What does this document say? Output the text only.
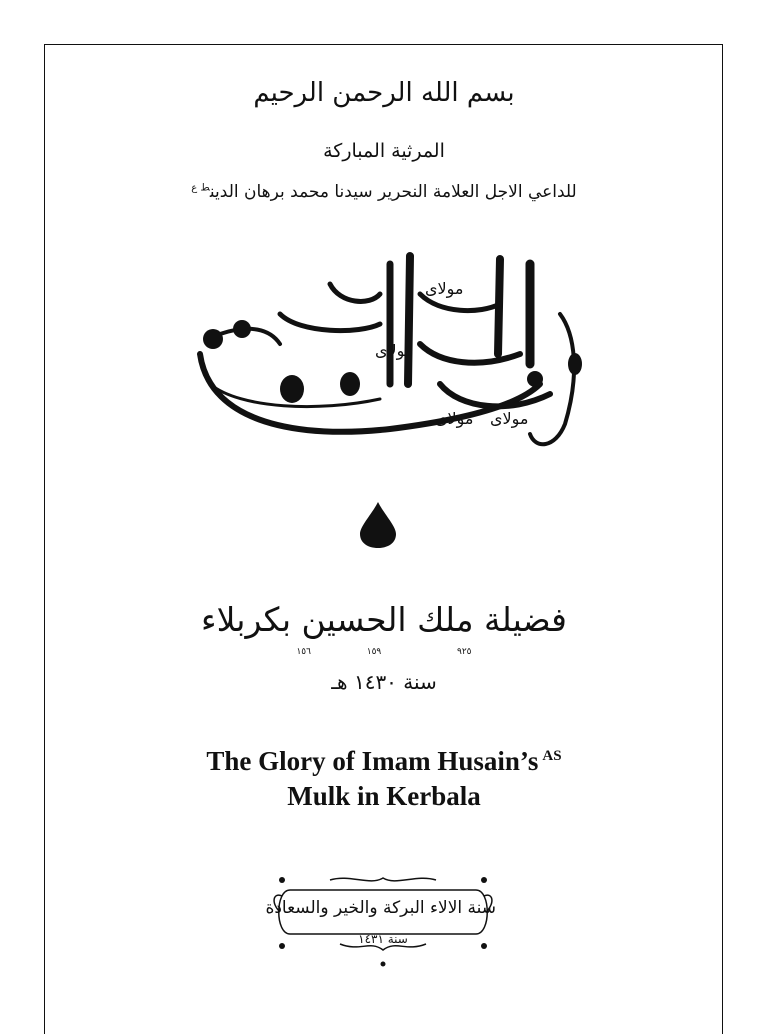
بسم الله الرحمن الرحيم
المرثية المباركة
للداعي الاجل العلامة النحرير سيدنا محمد برهان الدين$^{ط ع}$
مولاى
مولاى
مولاى مولاى
فضيلة ملك الحسين بكربلاء
٩٢٥  ١٥٩  ١٥٦
سنة ١٤٣٠ هـ
The Glory of Imam Husain’s $^{AS}$
Mulk in Kerbala
سنة الالاء البركة والخير والسعادة
سنة ١٤٣١
